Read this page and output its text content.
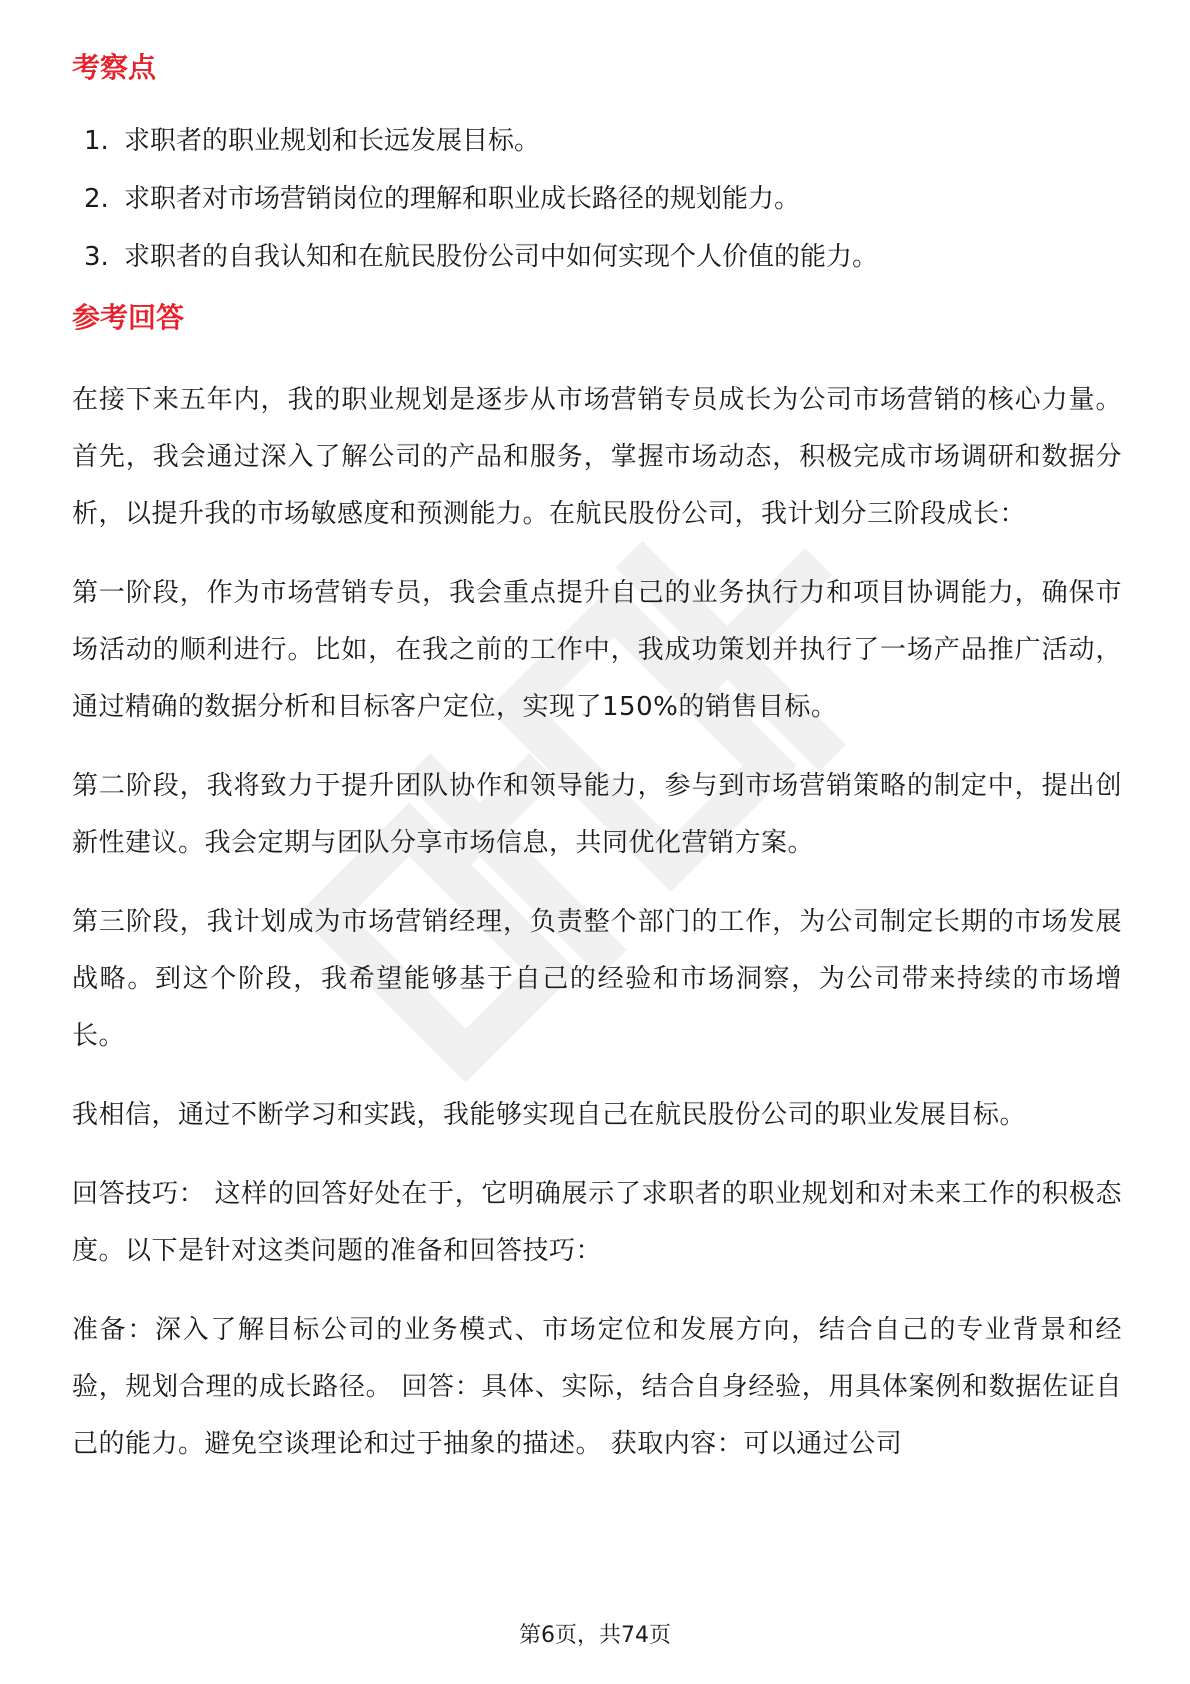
考察点
1. 求职者的职业规划和长远发展目标。
2. 求职者对市场营销岗位的理解和职业成长路径的规划能力。
3. 求职者的自我认知和在航民股份公司中如何实现个人价值的能力。
参考回答

在接下来五年内，我的职业规划是逐步从市场营销专员成长为公司市场营销的核心力量。首先，我会通过深入了解公司的产品和服务，掌握市场动态，积极完成市场调研和数据分析，以提升我的市场敏感度和预测能力。在航民股份公司，我计划分三阶段成长：

第一阶段，作为市场营销专员，我会重点提升自己的业务执行力和项目协调能力，确保市场活动的顺利进行。比如，在我之前的工作中，我成功策划并执行了一场产品推广活动，通过精确的数据分析和目标客户定位，实现了150%的销售目标。

第二阶段，我将致力于提升团队协作和领导能力，参与到市场营销策略的制定中，提出创新性建议。我会定期与团队分享市场信息，共同优化营销方案。

第三阶段，我计划成为市场营销经理，负责整个部门的工作，为公司制定长期的市场发展战略。到这个阶段，我希望能够基于自己的经验和市场洞察，为公司带来持续的市场增长。

我相信，通过不断学习和实践，我能够实现自己在航民股份公司的职业发展目标。

回答技巧： 这样的回答好处在于，它明确展示了求职者的职业规划和对未来工作的积极态度。以下是针对这类问题的准备和回答技巧：

准备：深入了解目标公司的业务模式、市场定位和发展方向，结合自己的专业背景和经验，规划合理的成长路径。 回答：具体、实际，结合自身经验，用具体案例和数据佐证自己的能力。避免空谈理论和过于抽象的描述。 获取内容：可以通过公司

第6页，共74页
